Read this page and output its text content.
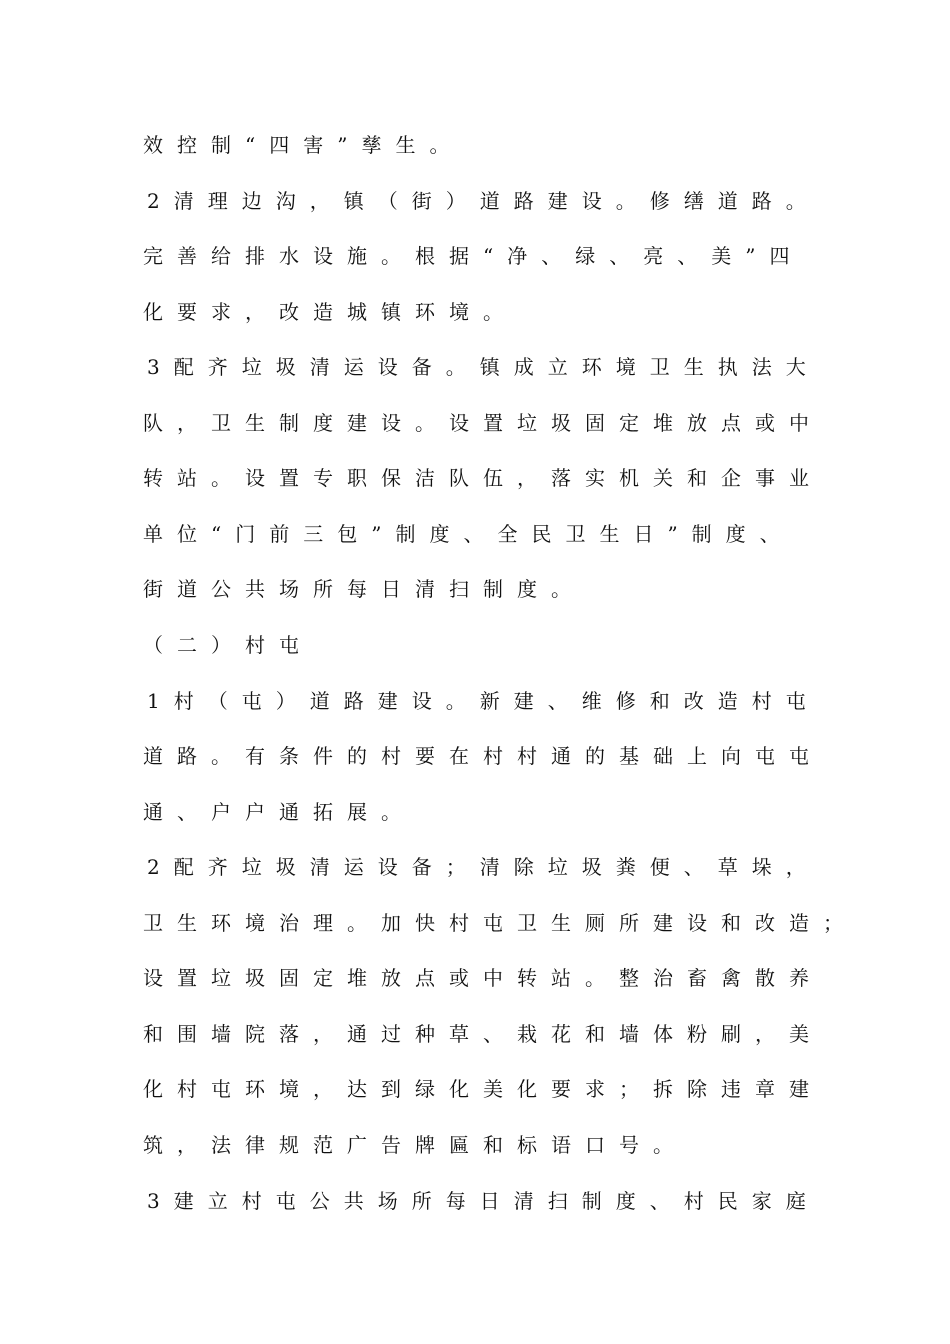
效控制“四害”孳生。
2清理边沟，镇（街）道路建设。修缮道路。
完善给排水设施。根据“净、绿、亮、美”四
化要求，改造城镇环境。
3配齐垃圾清运设备。镇成立环境卫生执法大
队，卫生制度建设。设置垃圾固定堆放点或中
转站。设置专职保洁队伍，落实机关和企事业
单位“门前三包”制度、全民卫生日”制度、
街道公共场所每日清扫制度。
（二）村屯
1村（屯）道路建设。新建、维修和改造村屯
道路。有条件的村要在村村通的基础上向屯屯
通、户户通拓展。
2配齐垃圾清运设备；清除垃圾粪便、草垛，
卫生环境治理。加快村屯卫生厕所建设和改造；
设置垃圾固定堆放点或中转站。整治畜禽散养
和围墙院落，通过种草、栽花和墙体粉刷，美
化村屯环境，达到绿化美化要求；拆除违章建
筑，法律规范广告牌匾和标语口号。
3建立村屯公共场所每日清扫制度、村民家庭
